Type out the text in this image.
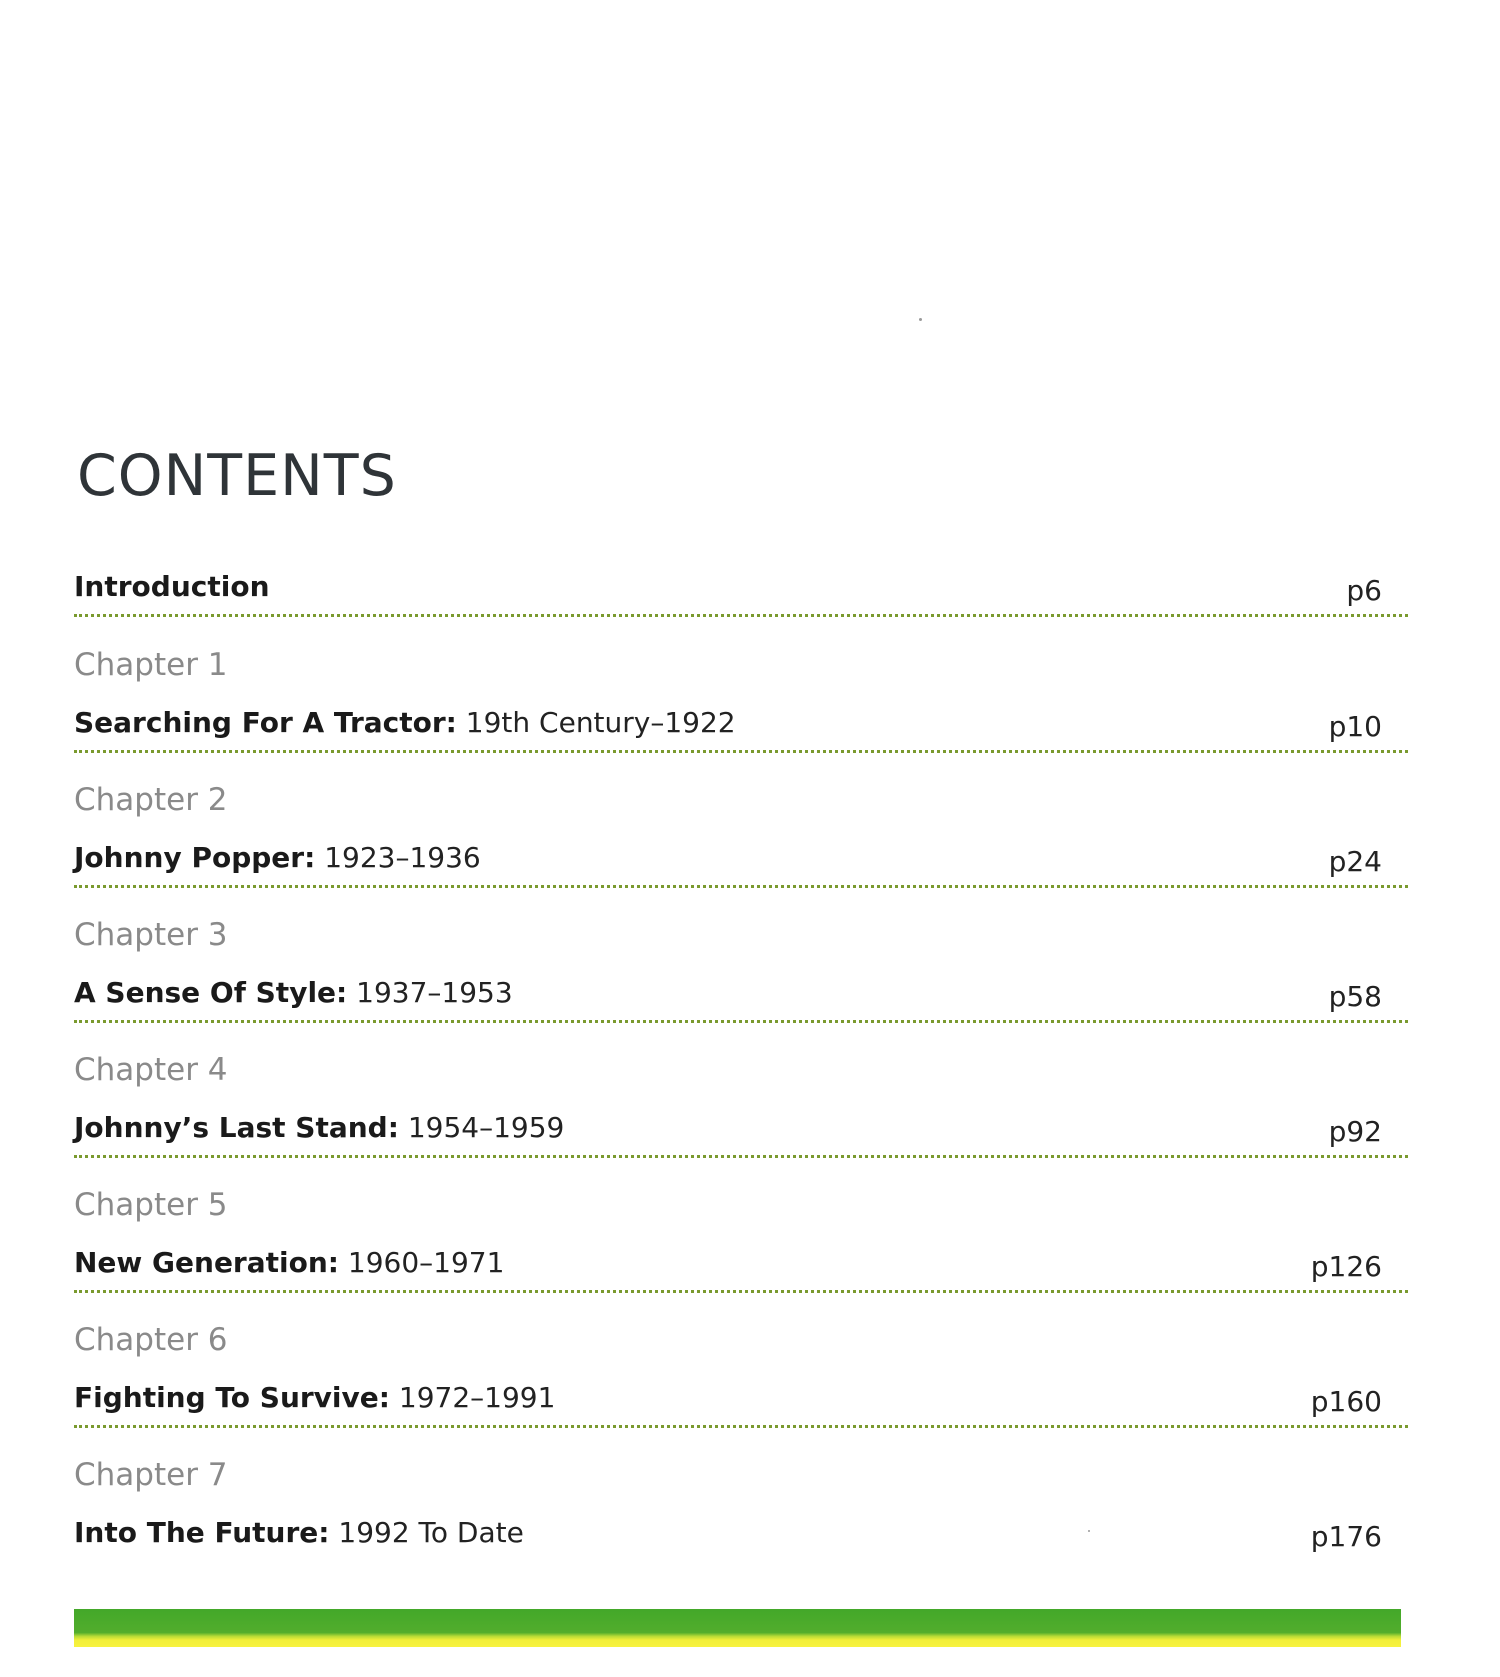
CONTENTS
Introduction	p6
Chapter 1
Searching For A Tractor: 19th Century–1922	p10
Chapter 2
Johnny Popper: 1923–1936	p24
Chapter 3
A Sense Of Style: 1937–1953	p58
Chapter 4
Johnny’s Last Stand: 1954–1959	p92
Chapter 5
New Generation: 1960–1971	p126
Chapter 6
Fighting To Survive: 1972–1991	p160
Chapter 7
Into The Future: 1992 To Date	p176
